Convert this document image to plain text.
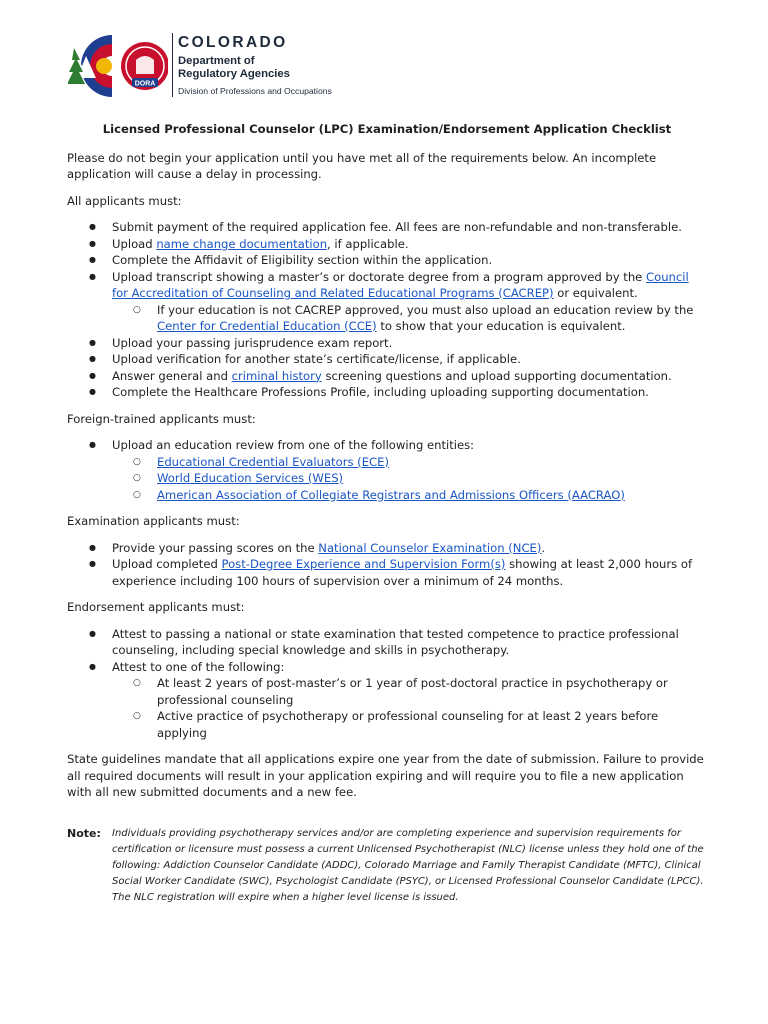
DORA
COLORADO
Department of
Regulatory Agencies
Division of Professions and Occupations
Licensed Professional Counselor (LPC) Examination/Endorsement Application Checklist

Please do not begin your application until you have met all of the requirements below. An incomplete application will cause a delay in processing.

All applicants must:

● Submit payment of the required application fee. All fees are non-refundable and non-transferable.
● Upload name change documentation, if applicable.
● Complete the Affidavit of Eligibility section within the application.
● Upload transcript showing a master’s or doctorate degree from a program approved by the Council for Accreditation of Counseling and Related Educational Programs (CACREP) or equivalent.
○ If your education is not CACREP approved, you must also upload an education review by the Center for Credential Education (CCE) to show that your education is equivalent.
● Upload your passing jurisprudence exam report.
● Upload verification for another state’s certificate/license, if applicable.
● Answer general and criminal history screening questions and upload supporting documentation.
● Complete the Healthcare Professions Profile, including uploading supporting documentation.

Foreign-trained applicants must:

● Upload an education review from one of the following entities:
○ Educational Credential Evaluators (ECE)
○ World Education Services (WES)
○ American Association of Collegiate Registrars and Admissions Officers (AACRAO)

Examination applicants must:

● Provide your passing scores on the National Counselor Examination (NCE).
● Upload completed Post-Degree Experience and Supervision Form(s) showing at least 2,000 hours of experience including 100 hours of supervision over a minimum of 24 months.

Endorsement applicants must:

● Attest to passing a national or state examination that tested competence to practice professional counseling, including special knowledge and skills in psychotherapy.
● Attest to one of the following:
○ At least 2 years of post-master’s or 1 year of post-doctoral practice in psychotherapy or professional counseling
○ Active practice of psychotherapy or professional counseling for at least 2 years before applying

State guidelines mandate that all applications expire one year from the date of submission. Failure to provide all required documents will result in your application expiring and will require you to file a new application with all new submitted documents and a new fee.

Note: Individuals providing psychotherapy services and/or are completing experience and supervision requirements for certification or licensure must possess a current Unlicensed Psychotherapist (NLC) license unless they hold one of the following: Addiction Counselor Candidate (ADDC), Colorado Marriage and Family Therapist Candidate (MFTC), Clinical Social Worker Candidate (SWC), Psychologist Candidate (PSYC), or Licensed Professional Counselor Candidate (LPCC). The NLC registration will expire when a higher level license is issued.
